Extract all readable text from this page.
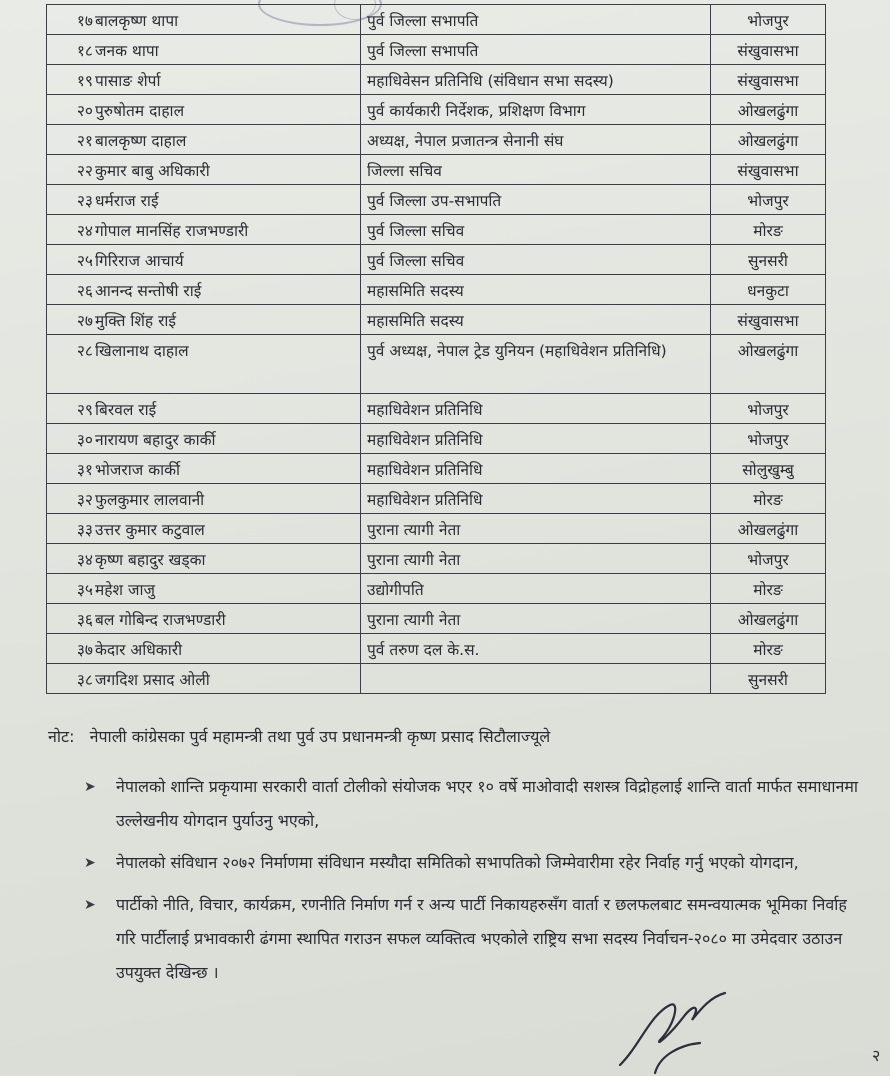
१७ बालकृष्ण थापा	पुर्व जिल्ला सभापति	भोजपुर

१८ जनक थापा	पुर्व जिल्ला सभापति	संखुवासभा

१९ पासाङ शेर्पा	महाधिवेसन प्रतिनिधि (संविधान सभा सदस्य)	संखुवासभा

२० पुरुषोतम दाहाल	पुर्व कार्यकारी निर्देशक, प्रशिक्षण विभाग	ओखलढुंगा

२१ बालकृष्ण दाहाल	अध्यक्ष, नेपाल प्रजातन्त्र सेनानी संघ	ओखलढुंगा

२२ कुमार बाबु अधिकारी	जिल्ला सचिव	संखुवासभा

२३ धर्मराज राई	पुर्व जिल्ला उप-सभापति	भोजपुर

२४ गोपाल मानसिंह राजभण्डारी	पुर्व जिल्ला सचिव	मोरङ

२५ गिरिराज आचार्य	पुर्व जिल्ला सचिव	सुनसरी

२६ आनन्द सन्तोषी राई	महासमिति सदस्य	धनकुटा

२७ मुक्ति शिंह राई	महासमिति सदस्य	संखुवासभा

२८ खिलानाथ दाहाल	पुर्व अध्यक्ष, नेपाल ट्रेड युनियन (महाधिवेशन प्रतिनिधि)	ओखलढुंगा

२९ बिरवल राई	महाधिवेशन प्रतिनिधि	भोजपुर

३० नारायण बहादुर कार्की	महाधिवेशन प्रतिनिधि	भोजपुर

३१ भोजराज कार्की	महाधिवेशन प्रतिनिधि	सोलुखुम्बु

३२ फुलकुमार लालवानी	महाधिवेशन प्रतिनिधि	मोरङ

३३ उत्तर कुमार कटुवाल	पुराना त्यागी नेता	ओखलढुंगा

३४ कृष्ण बहादुर खड्का	पुराना त्यागी नेता	भोजपुर

३५ महेश जाजु	उद्योगीपति	मोरङ

३६ बल गोबिन्द राजभण्डारी	पुराना त्यागी नेता	ओखलढुंगा

३७ केदार अधिकारी	पुर्व तरुण दल के.स.	मोरङ

३८ जगदिश प्रसाद ओली		सुनसरी
नोट: नेपाली कांग्रेसका पुर्व महामन्त्री तथा पुर्व उप प्रधानमन्त्री कृष्ण प्रसाद सिटौलाज्यूले
➤ नेपालको शान्ति प्रकृयामा सरकारी वार्ता टोलीको संयोजक भएर १० वर्षे माओवादी सशस्त्र विद्रोहलाई शान्ति वार्ता मार्फत समाधानमा उल्लेखनीय योगदान पुर्याउनु भएको,
➤ नेपालको संविधान २०७२ निर्माणमा संविधान मस्यौदा समितिको सभापतिको जिम्मेवारीमा रहेर निर्वाह गर्नु भएको योगदान,
➤ पार्टीको नीति, विचार, कार्यक्रम, रणनीति निर्माण गर्न र अन्य पार्टी निकायहरुसँग वार्ता र छलफलबाट समन्वयात्मक भूमिका निर्वाह गरि पार्टीलाई प्रभावकारी ढंगमा स्थापित गराउन सफल व्यक्तित्व भएकोले राष्ट्रिय सभा सदस्य निर्वाचन-२०८० मा उमेदवार उठाउन उपयुक्त देखिन्छ ।
२
